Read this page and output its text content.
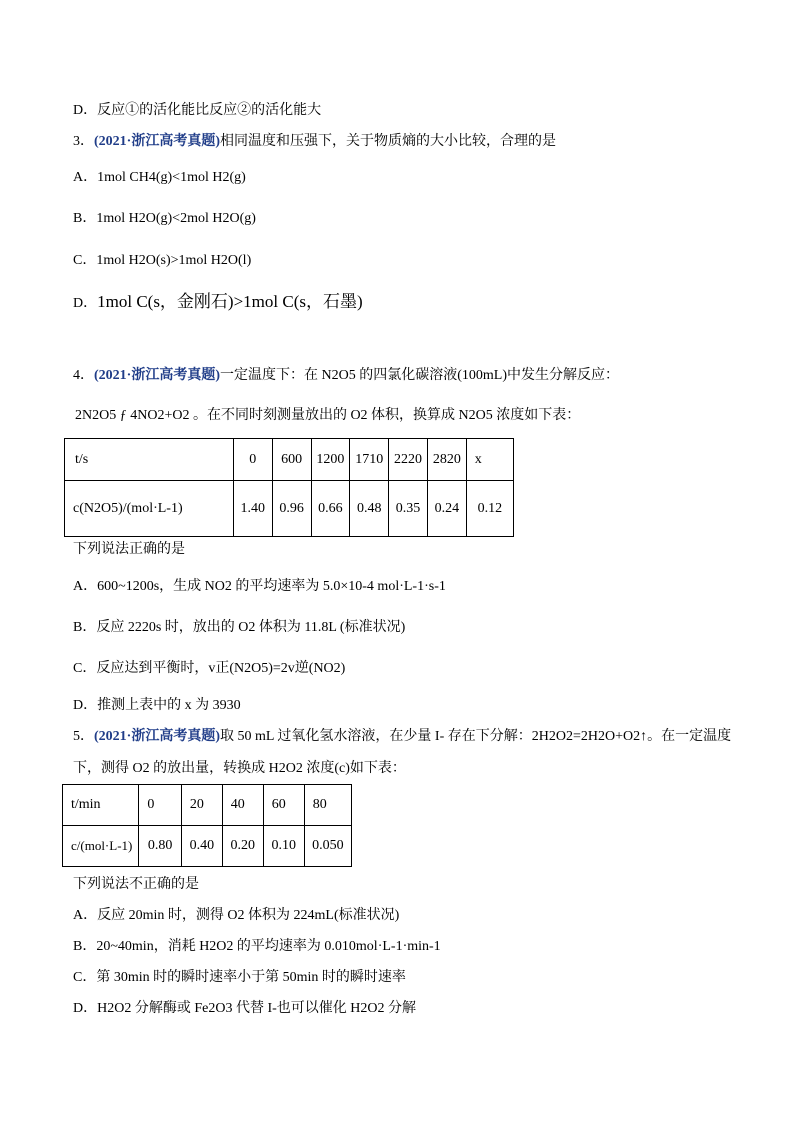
D．反应①的活化能比反应②的活化能大
3．(2021·浙江高考真题)相同温度和压强下，关于物质熵的大小比较，合理的是
A．1mol CH4(g)<1mol H2(g)
B．1mol H2O(g)<2mol H2O(g)
C．1mol H2O(s)>1mol H2O(l)
D．1mol C(s，金刚石)>1mol C(s，石墨)
4．(2021·浙江高考真题)一定温度下：在 N2O5 的四氯化碳溶液(100mL)中发生分解反应：
2N2O5 ƒ 4NO2+O2 。在不同时刻测量放出的 O2 体积，换算成 N2O5 浓度如下表：
t/s	0	600	1200	1710	2220	2820	x
c(N2O5)/(mol·L-1)	1.40	0.96	0.66	0.48	0.35	0.24	0.12
下列说法正确的是
A．600~1200s，生成 NO2 的平均速率为 5.0×10-4 mol·L-1·s-1
B．反应 2220s 时，放出的 O2 体积为 11.8L (标准状况)
C．反应达到平衡时，v正(N2O5)=2v逆(NO2)
D．推测上表中的 x 为 3930
5．(2021·浙江高考真题)取 50 mL 过氧化氢水溶液，在少量 I- 存在下分解：2H2O2=2H2O+O2↑。在一定温度
下，测得 O2 的放出量，转换成 H2O2 浓度(c)如下表：
t/min	0	20	40	60	80
c/(mol·L-1)	0.80	0.40	0.20	0.10	0.050
下列说法不正确的是
A．反应 20min 时，测得 O2 体积为 224mL(标准状况)
B．20~40min，消耗 H2O2 的平均速率为 0.010mol·L-1·min-1
C．第 30min 时的瞬时速率小于第 50min 时的瞬时速率
D．H2O2 分解酶或 Fe2O3 代替 I-也可以催化 H2O2 分解
